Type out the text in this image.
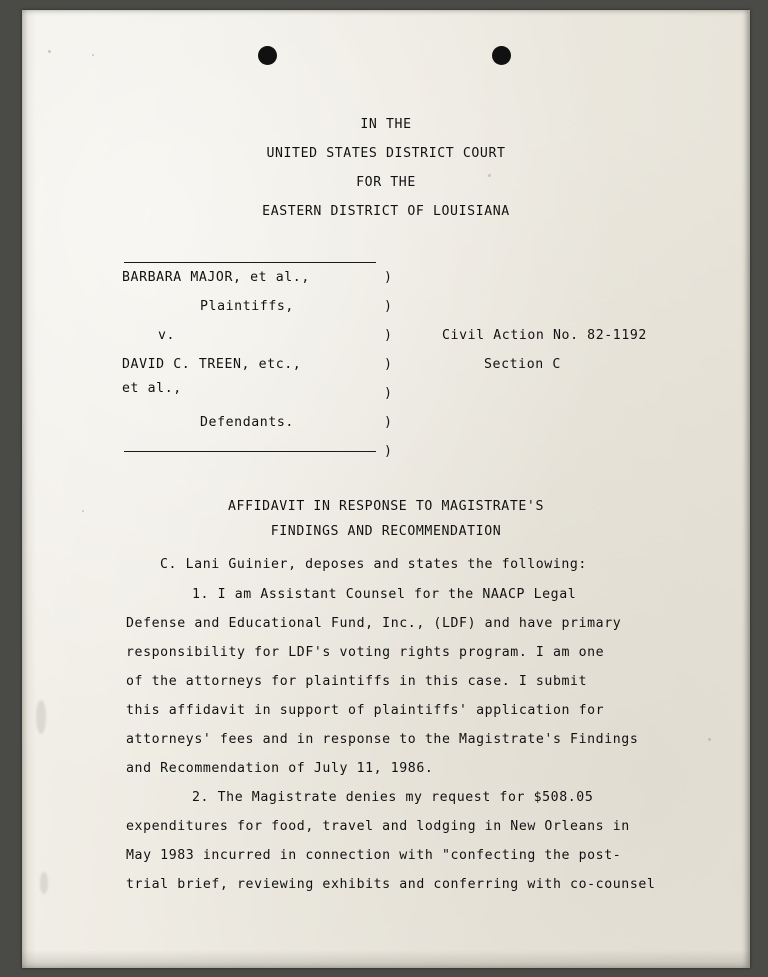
IN THE
UNITED STATES DISTRICT COURT
FOR THE
EASTERN DISTRICT OF LOUISIANA
BARBARA MAJOR, et al.,
Plaintiffs,
v.
DAVID C. TREEN, etc.,
et al.,
Defendants.
)
)
)
)
)
)
)
Civil Action No. 82-1192
Section C
AFFIDAVIT IN RESPONSE TO MAGISTRATE'S
FINDINGS AND RECOMMENDATION
C. Lani Guinier, deposes and states the following:
1. I am Assistant Counsel for the NAACP Legal
Defense and Educational Fund, Inc., (LDF) and have primary
responsibility for LDF's voting rights program. I am one
of the attorneys for plaintiffs in this case. I submit
this affidavit in support of plaintiffs' application for
attorneys' fees and in response to the Magistrate's Findings
and Recommendation of July 11, 1986.
2. The Magistrate denies my request for $508.05
expenditures for food, travel and lodging in New Orleans in
May 1983 incurred in connection with "confecting the post-
trial brief, reviewing exhibits and conferring with co-counsel
